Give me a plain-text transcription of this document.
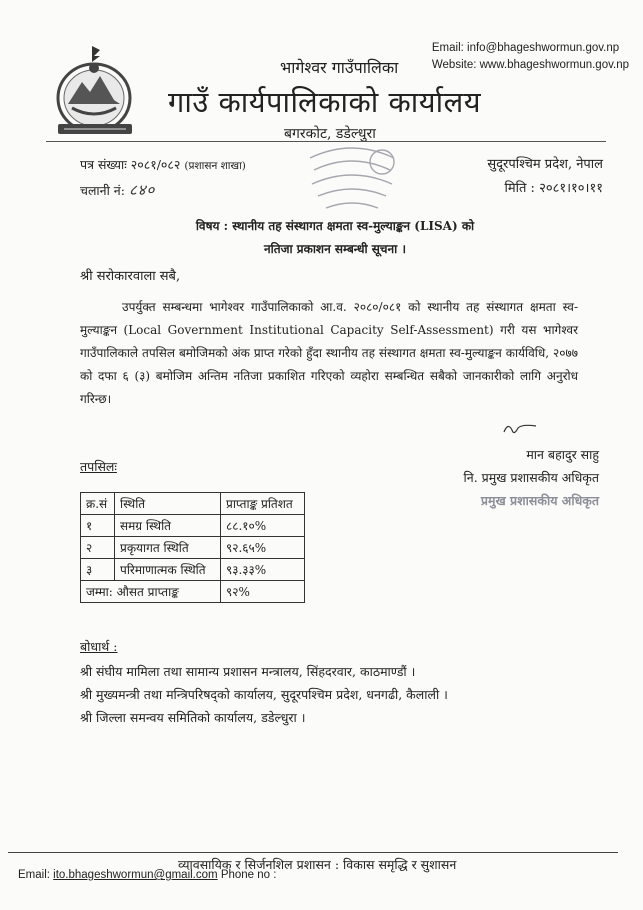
Email: info@bhageshwormun.gov.np
Website: www.bhageshwormun.gov.np
भागेश्वर गाउँपालिका
गाउँ कार्यपालिकाको कार्यालय
बगरकोट, डडेल्धुरा
पत्र संख्याः २०८१/०८२ (प्रशासन शाखा)
चलानी नं: ८४०
सुदूरपश्चिम प्रदेश, नेपाल
मिति : २०८१।१०।११
विषय : स्थानीय तह संस्थागत क्षमता स्व-मुल्याङ्कन (LISA) को
नतिजा प्रकाशन सम्बन्धी सूचना ।
श्री सरोकारवाला सबै,
उपर्युक्त सम्बन्धमा भागेश्वर गाउँपालिकाको आ.व. २०८०/०८१ को स्थानीय तह संस्थागत क्षमता स्व-मुल्याङ्कन (Local Government Institutional Capacity Self-Assessment) गरी यस भागेश्वर गाउँपालिकाले तपसिल बमोजिमको अंक प्राप्त गरेको हुँदा स्थानीय तह संस्थागत क्षमता स्व-मुल्याङ्कन कार्यविधि, २०७७ को दफा ६ (३) बमोजिम अन्तिम नतिजा प्रकाशित गरिएको व्यहोरा सम्बन्धित सबैको जानकारीको लागि अनुरोध गरिन्छ।
मान बहादुर साहु
नि. प्रमुख प्रशासकीय अधिकृत
प्रमुख प्रशासकीय अधिकृत
तपसिलः
क्र.सं	स्थिति	प्राप्ताङ्क प्रतिशत
१	समग्र स्थिति	८८.१०%
२	प्रकृयागत स्थिति	९२.६५%
३	परिमाणात्मक स्थिति	९३.३३%
जम्मा: औसत प्राप्ताङ्क		९२%
बोधार्थ :
श्री संघीय मामिला तथा सामान्य प्रशासन मन्त्रालय, सिंहदरवार, काठमाण्डौं ।
श्री मुख्यमन्त्री तथा मन्त्रिपरिषद्को कार्यालय, सुदूरपश्चिम प्रदेश, धनगढी, कैलाली ।
श्री जिल्ला समन्वय समितिको कार्यालय, डडेल्धुरा ।
व्यावसायिक र सिर्जनशिल प्रशासन : विकास समृद्धि र सुशासन
Email: ito.bhageshwormun@gmail.com Phone no :
